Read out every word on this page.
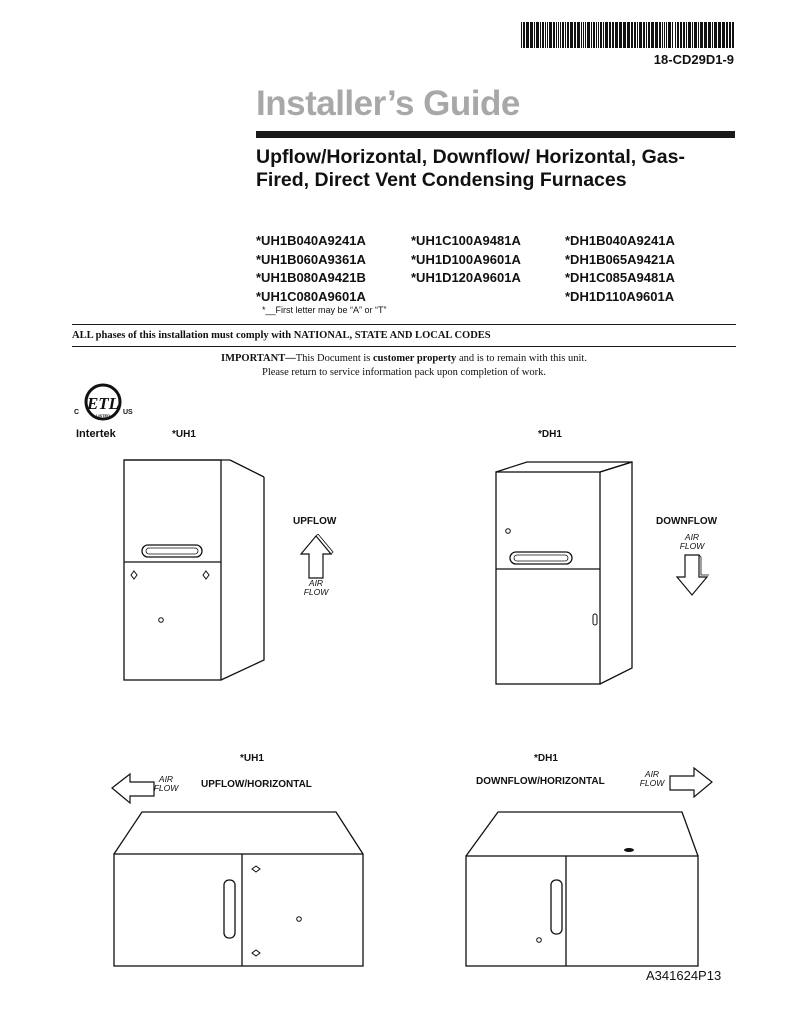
18-CD29D1-9
Installer’s Guide
Upflow/Horizontal, Downflow/ Horizontal, Gas-Fired, Direct Vent Condensing Furnaces
*UH1B040A9241A
*UH1B060A9361A
*UH1B080A9421B
*UH1C080A9601A
*UH1C100A9481A
*UH1D100A9601A
*UH1D120A9601A
*DH1B040A9241A
*DH1B065A9421A
*DH1C085A9481A
*DH1D110A9601A
*__First letter may be “A” or “T”
ALL phases of this installation must comply with NATIONAL, STATE AND LOCAL CODES
IMPORTANT—This Document is customer property and is to remain with this unit.
Please return to service information pack upon completion of work.
ETL
LISTED
C	US
Intertek	*UH1
UPFLOW
AIR
FLOW
*DH1
DOWNFLOW
AIR
FLOW
*UH1
AIR
FLOW	UPFLOW/HORIZONTAL
*DH1
DOWNFLOW/HORIZONTAL
AIR
FLOW
A341624P13
